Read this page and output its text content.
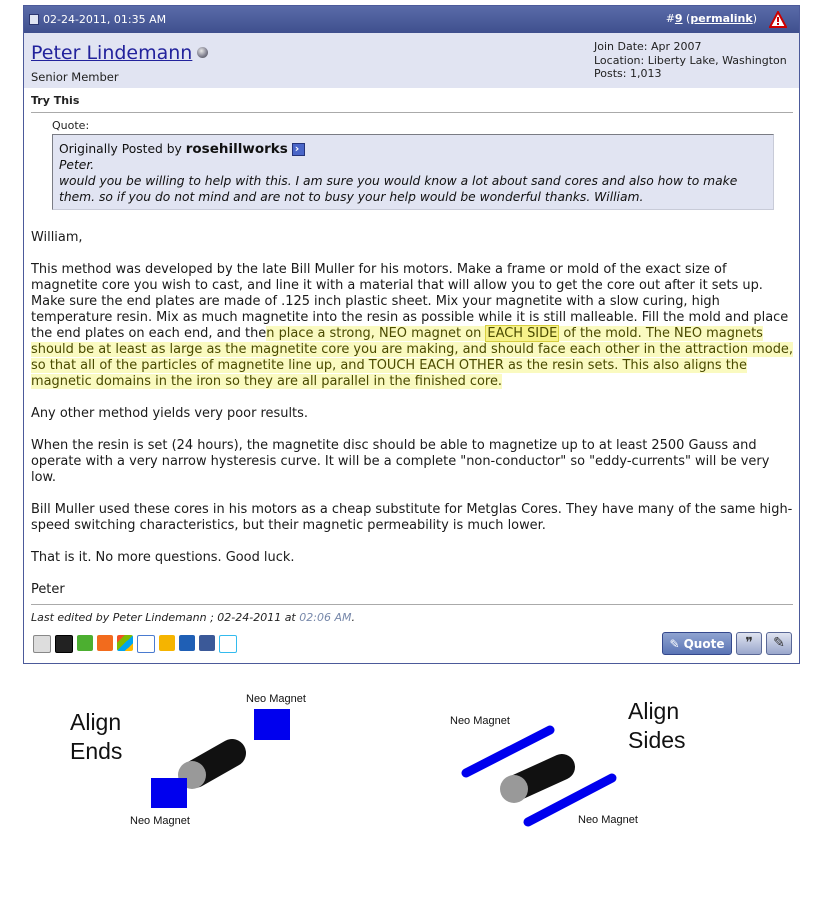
02-24-2011, 01:35 AM	#9 (permalink)
Peter Lindemann
Senior Member
Join Date: Apr 2007
Location: Liberty Lake, Washington
Posts: 1,013
Try This
Quote:
Originally Posted by rosehillworks›
Peter.
would you be willing to help with this. I am sure you would know a lot about sand cores and also how to make them. so if you do not mind and are not to busy your help would be wonderful thanks. William.

William,

This method was developed by the late Bill Muller for his motors. Make a frame or mold of the exact size of magnetite core you wish to cast, and line it with a material that will allow you to get the core out after it sets up. Make sure the end plates are made of .125 inch plastic sheet. Mix your magnetite with a slow curing, high temperature resin. Mix as much magnetite into the resin as possible while it is still malleable. Fill the mold and place the end plates on each end, and then place a strong, NEO magnet on EACH SIDE of the mold. The NEO magnets should be at least as large as the magnetite core you are making, and should face each other in the attraction mode, so that all of the particles of magnetite line up, and TOUCH EACH OTHER as the resin sets. This also aligns the magnetic domains in the iron so they are all parallel in the finished core.

Any other method yields very poor results.

When the resin is set (24 hours), the magnetite disc should be able to magnetize up to at least 2500 Gauss and operate with a very narrow hysteresis curve. It will be a complete "non-conductor" so "eddy-currents" will be very low.

Bill Muller used these cores in his motors as a cheap substitute for Metglas Cores. They have many of the same high-speed switching characteristics, but their magnetic permeability is much lower.

That is it. No more questions. Good luck.

Peter

Last edited by Peter Lindemann ; 02-24-2011 at 02:06 AM.
✎ Quote	❞	✎
Align
Ends
Neo Magnet
Neo Magnet
Align
Sides
Neo Magnet
Neo Magnet
